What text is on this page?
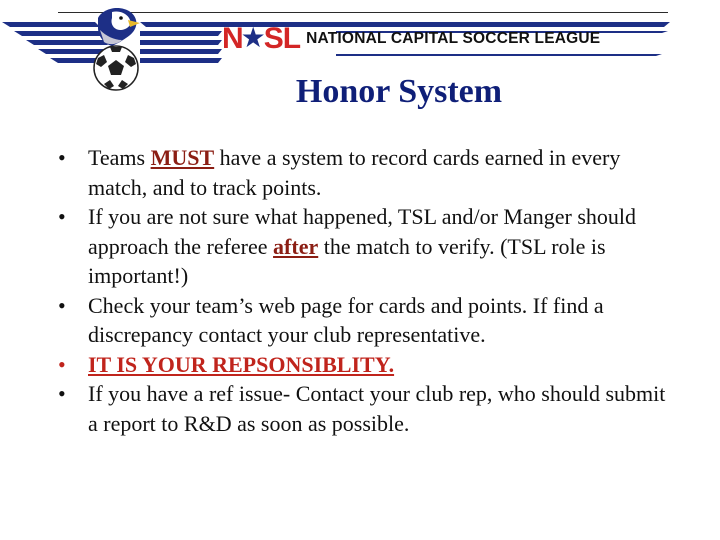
N
★
SL NATIONAL CAPITAL SOCCER LEAGUE
Honor System
•	Teams MUST have a system to record cards earned in every match, and to track points.
•	If you are not sure what happened, TSL and/or Manger should approach the referee after the match to verify. (TSL role is important!)
•	Check your team’s web page for cards and points. If find a discrepancy contact your club representative.
•	IT IS YOUR REPSONSIBLITY.
•	If you have a ref issue- Contact your club rep, who should submit a report to R&D as soon as possible.
